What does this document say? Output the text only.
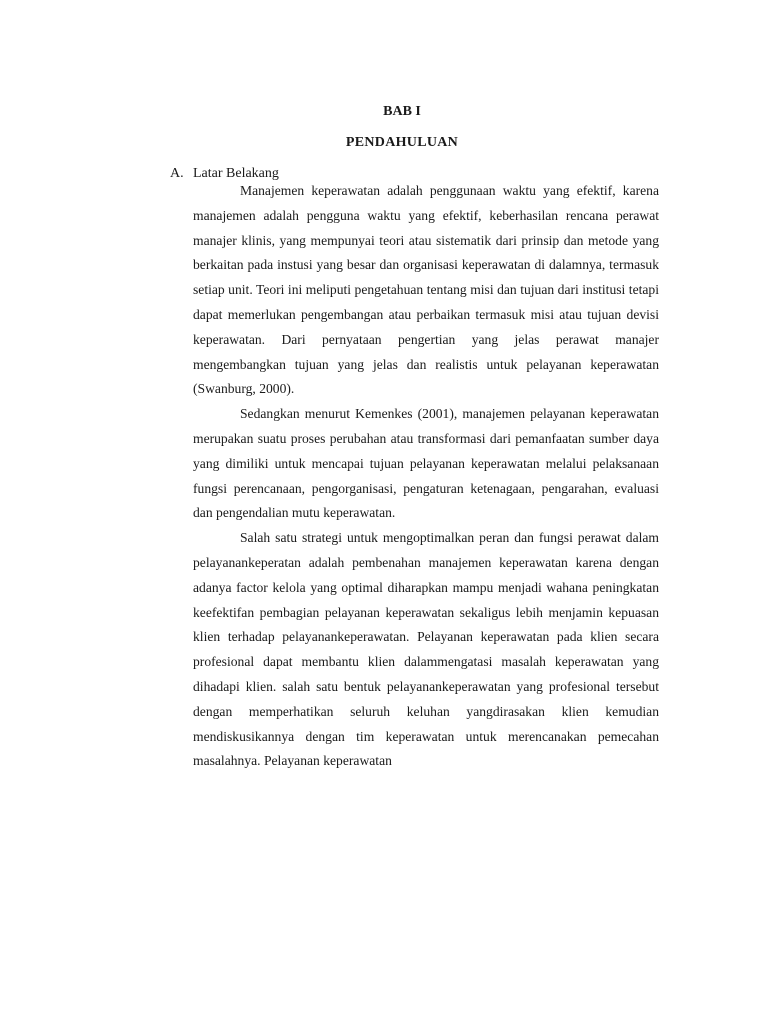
BAB I
PENDAHULUAN
A. Latar Belakang

Manajemen keperawatan adalah penggunaan waktu yang efektif, karena manajemen adalah pengguna waktu yang efektif, keberhasilan rencana perawat manajer klinis, yang mempunyai teori atau sistematik dari prinsip dan metode yang berkaitan pada instusi yang besar dan organisasi keperawatan di dalamnya, termasuk setiap unit. Teori ini meliputi pengetahuan tentang misi dan tujuan dari institusi tetapi dapat memerlukan pengembangan atau perbaikan termasuk misi atau tujuan devisi keperawatan. Dari pernyataan pengertian yang jelas perawat manajer mengembangkan tujuan yang jelas dan realistis untuk pelayanan keperawatan (Swanburg, 2000).

Sedangkan menurut Kemenkes (2001), manajemen pelayanan keperawatan merupakan suatu proses perubahan atau transformasi dari pemanfaatan sumber daya yang dimiliki untuk mencapai tujuan pelayanan keperawatan melalui pelaksanaan fungsi perencanaan, pengorganisasi, pengaturan ketenagaan, pengarahan, evaluasi dan pengendalian mutu keperawatan.

Salah satu strategi untuk mengoptimalkan peran dan fungsi perawat dalam pelayanankeperatan adalah pembenahan manajemen keperawatan karena dengan adanya factor kelola yang optimal diharapkan mampu menjadi wahana peningkatan keefektifan pembagian pelayanan keperawatan sekaligus lebih menjamin kepuasan klien terhadap pelayanankeperawatan. Pelayanan keperawatan pada klien secara profesional dapat membantu klien dalammengatasi masalah keperawatan yang dihadapi klien. salah satu bentuk pelayanankeperawatan yang profesional tersebut dengan memperhatikan seluruh keluhan yangdirasakan klien kemudian mendiskusikannya dengan tim keperawatan untuk merencanakan pemecahan masalahnya. Pelayanan keperawatan
